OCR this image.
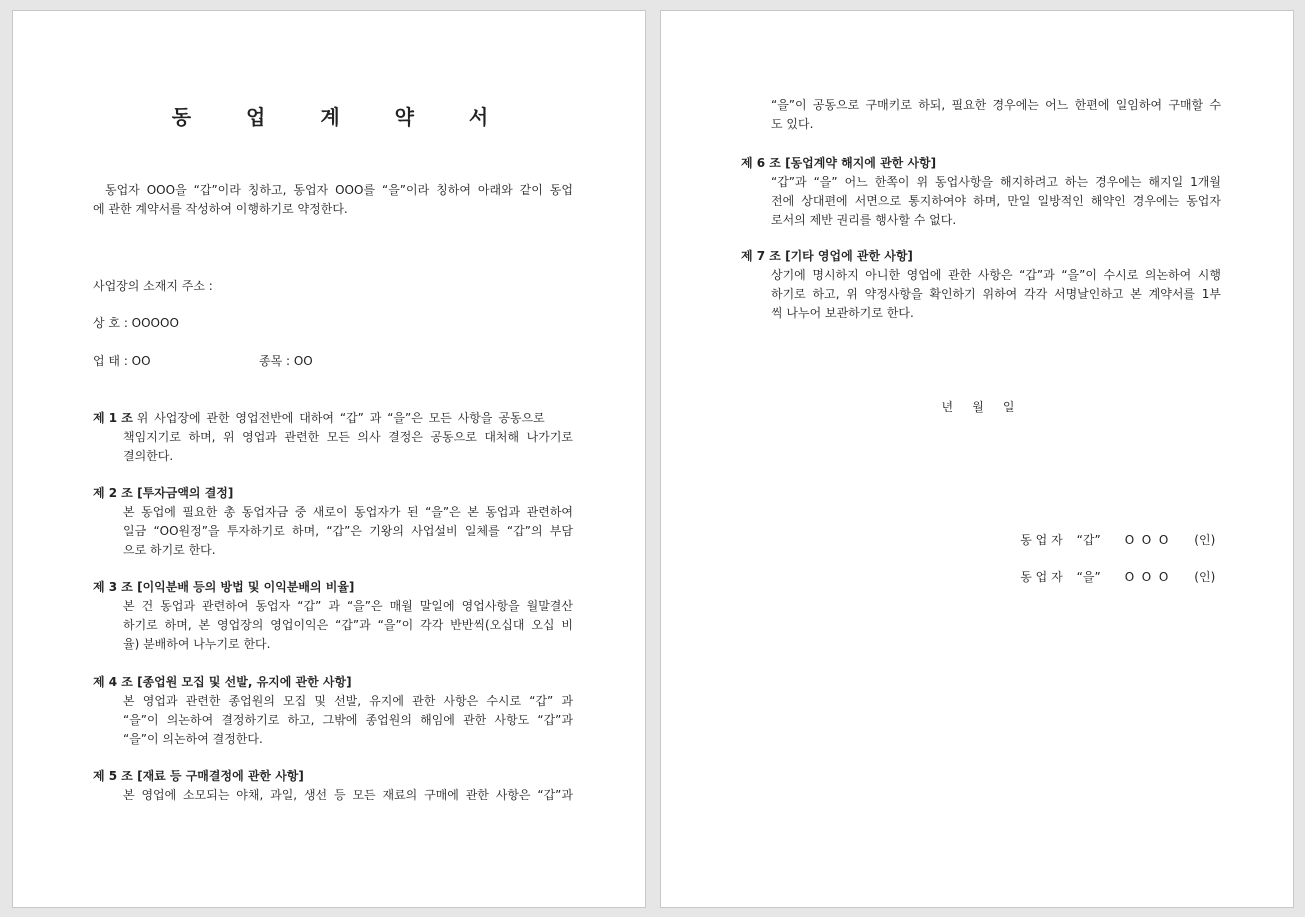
동 업 계 약 서
동업자 OOO을 “갑”이라 칭하고, 동업자 OOO를 “을”이라 칭하여 아래와 같이 동업
에 관한 계약서를 작성하여 이행하기로 약정한다.
사업장의 소재지 주소 :
상 호 : OOOOO
업 태 : OO	종목 : OO
제 1 조 위 사업장에 관한 영업전반에 대하여 “갑” 과 “을”은 모든 사항을 공동으로
책임지기로 하며, 위 영업과 관련한 모든 의사 결정은 공동으로 대처해 나가기로
결의한다.
제 2 조 [투자금액의 결정]
본 동업에 필요한 총 동업자금 중 새로이 동업자가 된 “을”은 본 동업과 관련하여
일금 “OO원정”을 투자하기로 하며, “갑”은 기왕의 사업설비 일체를 “갑”의 부담
으로 하기로 한다.
제 3 조 [이익분배 등의 방법 및 이익분배의 비율]
본 건 동업과 관련하여 동업자 “갑” 과 “을”은 매월 말일에 영업사항을 월말결산
하기로 하며, 본 영업장의 영업이익은 “갑”과 “을”이 각각 반반씩(오십대 오십 비
율) 분배하여 나누기로 한다.
제 4 조 [종업원 모집 및 선발, 유지에 관한 사항]
본 영업과 관련한 종업원의 모집 및 선발, 유지에 관한 사항은 수시로 “갑” 과
“을”이 의논하여 결정하기로 하고, 그밖에 종업원의 해임에 관한 사항도 “갑”과
“을”이 의논하여 결정한다.
제 5 조 [재료 등 구매결정에 관한 사항]
본 영업에 소모되는 야채, 과일, 생선 등 모든 재료의 구매에 관한 사항은 “갑”과
“을”이 공동으로 구매키로 하되, 필요한 경우에는 어느 한편에 일임하여 구매할 수
도 있다.
제 6 조 [동업계약 해지에 관한 사항]
“갑”과 “을” 어느 한쪽이 위 동업사항을 해지하려고 하는 경우에는 해지일 1개월
전에 상대편에 서면으로 통지하여야 하며, 만일 일방적인 해약인 경우에는 동업자
로서의 제반 권리를 행사할 수 없다.
제 7 조 [기타 영업에 관한 사항]
상기에 명시하지 아니한 영업에 관한 사항은 “갑”과 “을”이 수시로 의논하여 시행
하기로 하고, 위 약정사항을 확인하기 위하여 각각 서명날인하고 본 계약서를 1부
씩 나누어 보관하기로 한다.
년     월     일

동 업 자 “갑” O  O  O (인)

동 업 자 “을” O  O  O (인)
